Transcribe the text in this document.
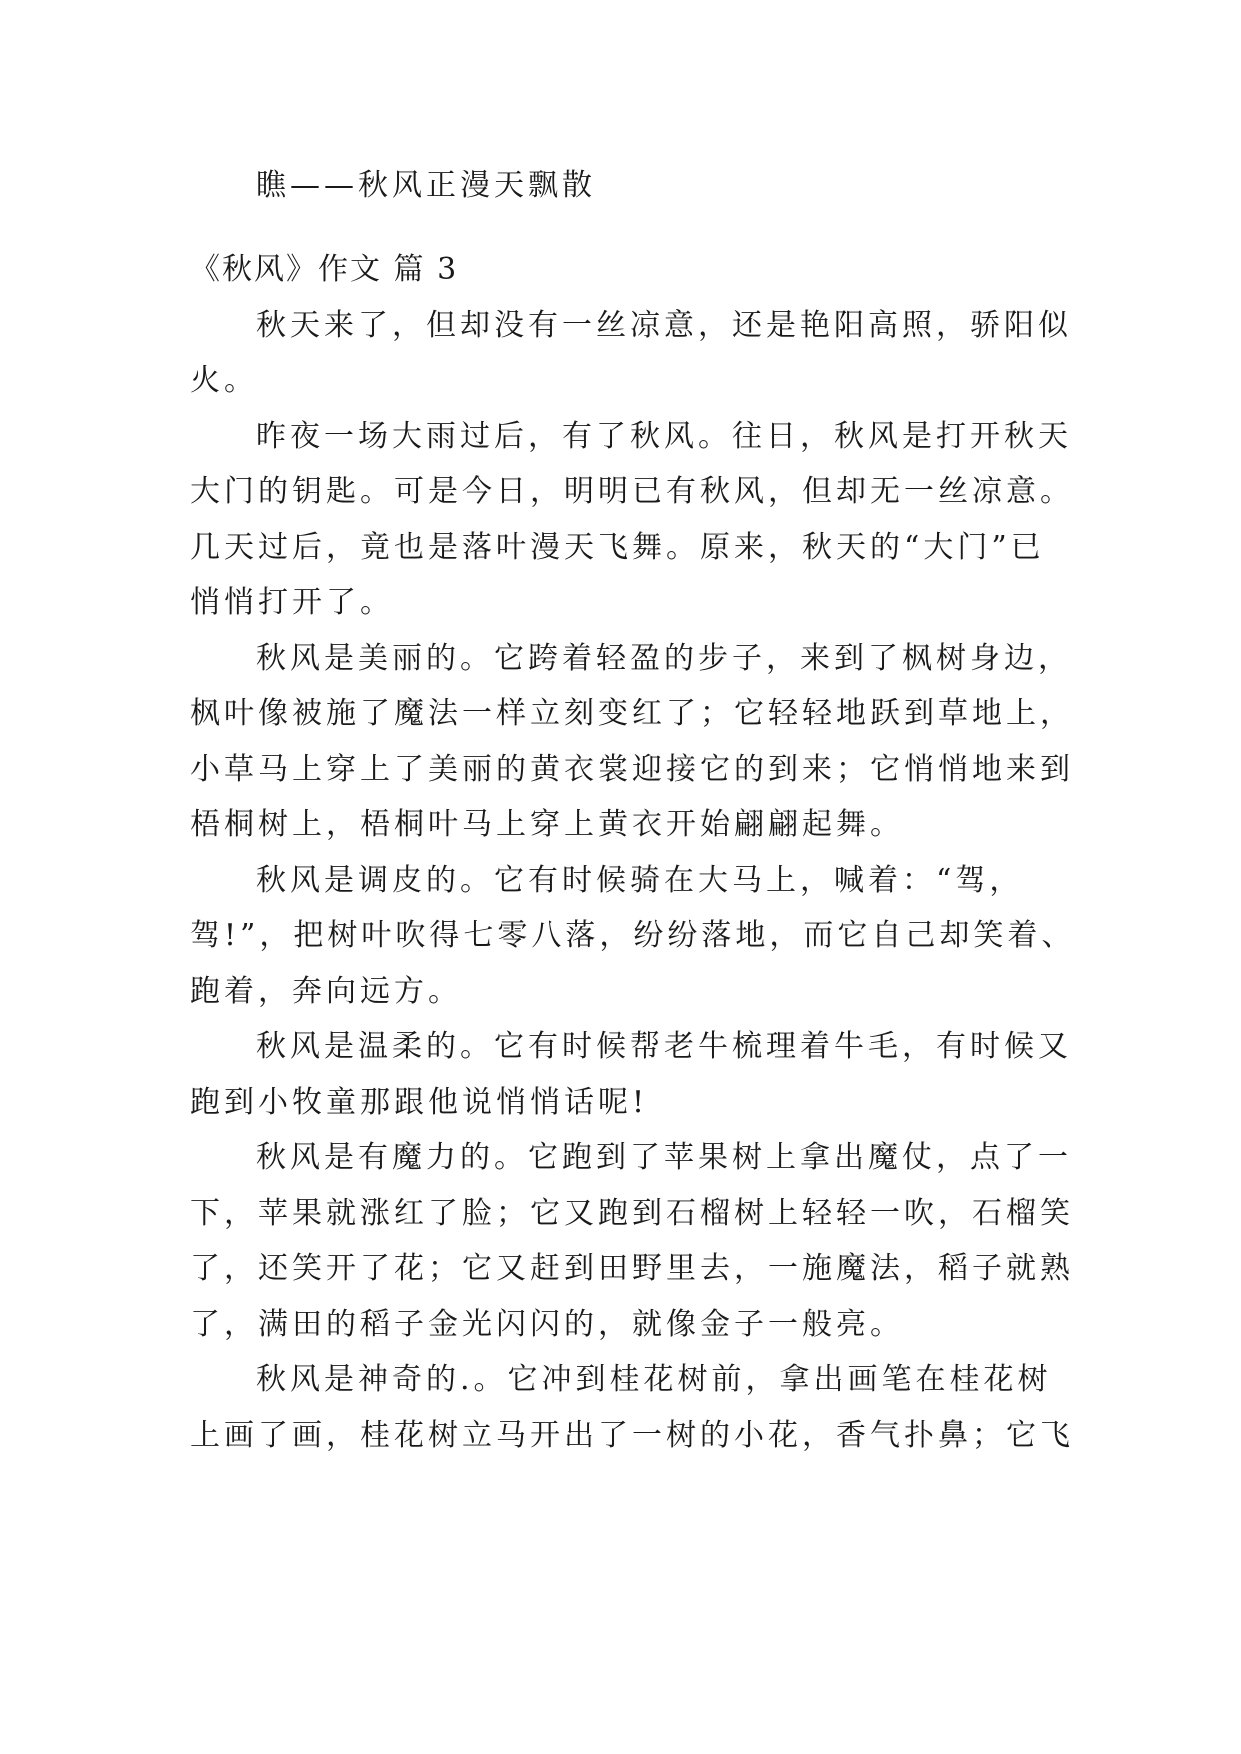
瞧——秋风正漫天飘散
《秋风》作文 篇 3
秋天来了，但却没有一丝凉意，还是艳阳高照，骄阳似
火。
昨夜一场大雨过后，有了秋风。往日，秋风是打开秋天
大门的钥匙。可是今日，明明已有秋风，但却无一丝凉意。
几天过后，竟也是落叶漫天飞舞。原来，秋天的“大门”已
悄悄打开了。
秋风是美丽的。它跨着轻盈的步子，来到了枫树身边，
枫叶像被施了魔法一样立刻变红了；它轻轻地跃到草地上，
小草马上穿上了美丽的黄衣裳迎接它的到来；它悄悄地来到
梧桐树上，梧桐叶马上穿上黄衣开始翩翩起舞。
秋风是调皮的。它有时候骑在大马上，喊着：“驾，
驾!”，把树叶吹得七零八落，纷纷落地，而它自己却笑着、
跑着，奔向远方。
秋风是温柔的。它有时候帮老牛梳理着牛毛，有时候又
跑到小牧童那跟他说悄悄话呢!
秋风是有魔力的。它跑到了苹果树上拿出魔仗，点了一
下，苹果就涨红了脸；它又跑到石榴树上轻轻一吹，石榴笑
了，还笑开了花；它又赶到田野里去，一施魔法，稻子就熟
了，满田的稻子金光闪闪的，就像金子一般亮。
秋风是神奇的.。它冲到桂花树前，拿出画笔在桂花树
上画了画，桂花树立马开出了一树的小花，香气扑鼻；它飞
